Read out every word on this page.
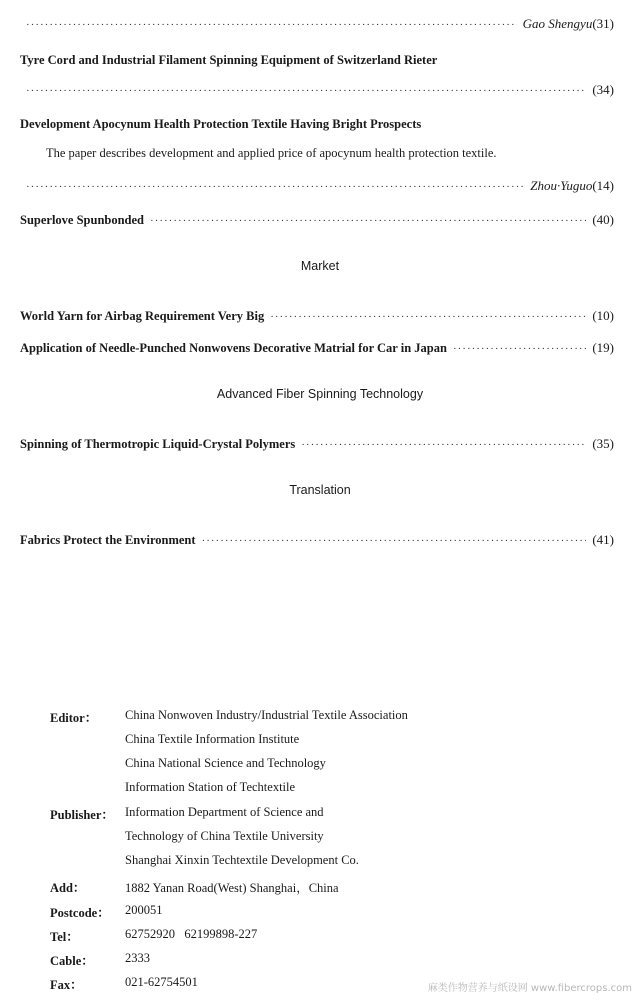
·····
Gao Shengyu (31)
Tyre Cord and Industrial Filament Spinning Equipment of Switzerland Rieter
·····
(34)
Development Apocynum Health Protection Textile Having Bright Prospects
The paper describes development and applied price of apocynum health protection textile.
·····
Zhou·Yuguo (14)
Superlove Spunbonded ·····	(40)
Market
World Yarn for Airbag Requirement Very Big ·····	(10)
Application of Needle-Punched Nonwovens Decorative Matrial for Car in Japan ·····	(19)
Advanced Fiber Spinning Technology
Spinning of Thermotropic Liquid-Crystal Polymers ·····	(35)
Translation
Fabrics Protect the Environment ·····	(41)
Editor： China Nonwoven Industry/Industrial Textile Association
China Textile Information Institute
China National Science and Technology
Information Station of Techtextile
Publisher： Information Department of Science and
Technology of China Textile University
Shanghai Xinxin Techtextile Development Co.
Add：	1882 Yanan Road(West) Shanghai，China
Postcode： 200051
Tel：	62752920   62199898-227
Cable： 2333
Fax：	021-62754501	麻类作物营养与纸设网 www.fibercrops.com
